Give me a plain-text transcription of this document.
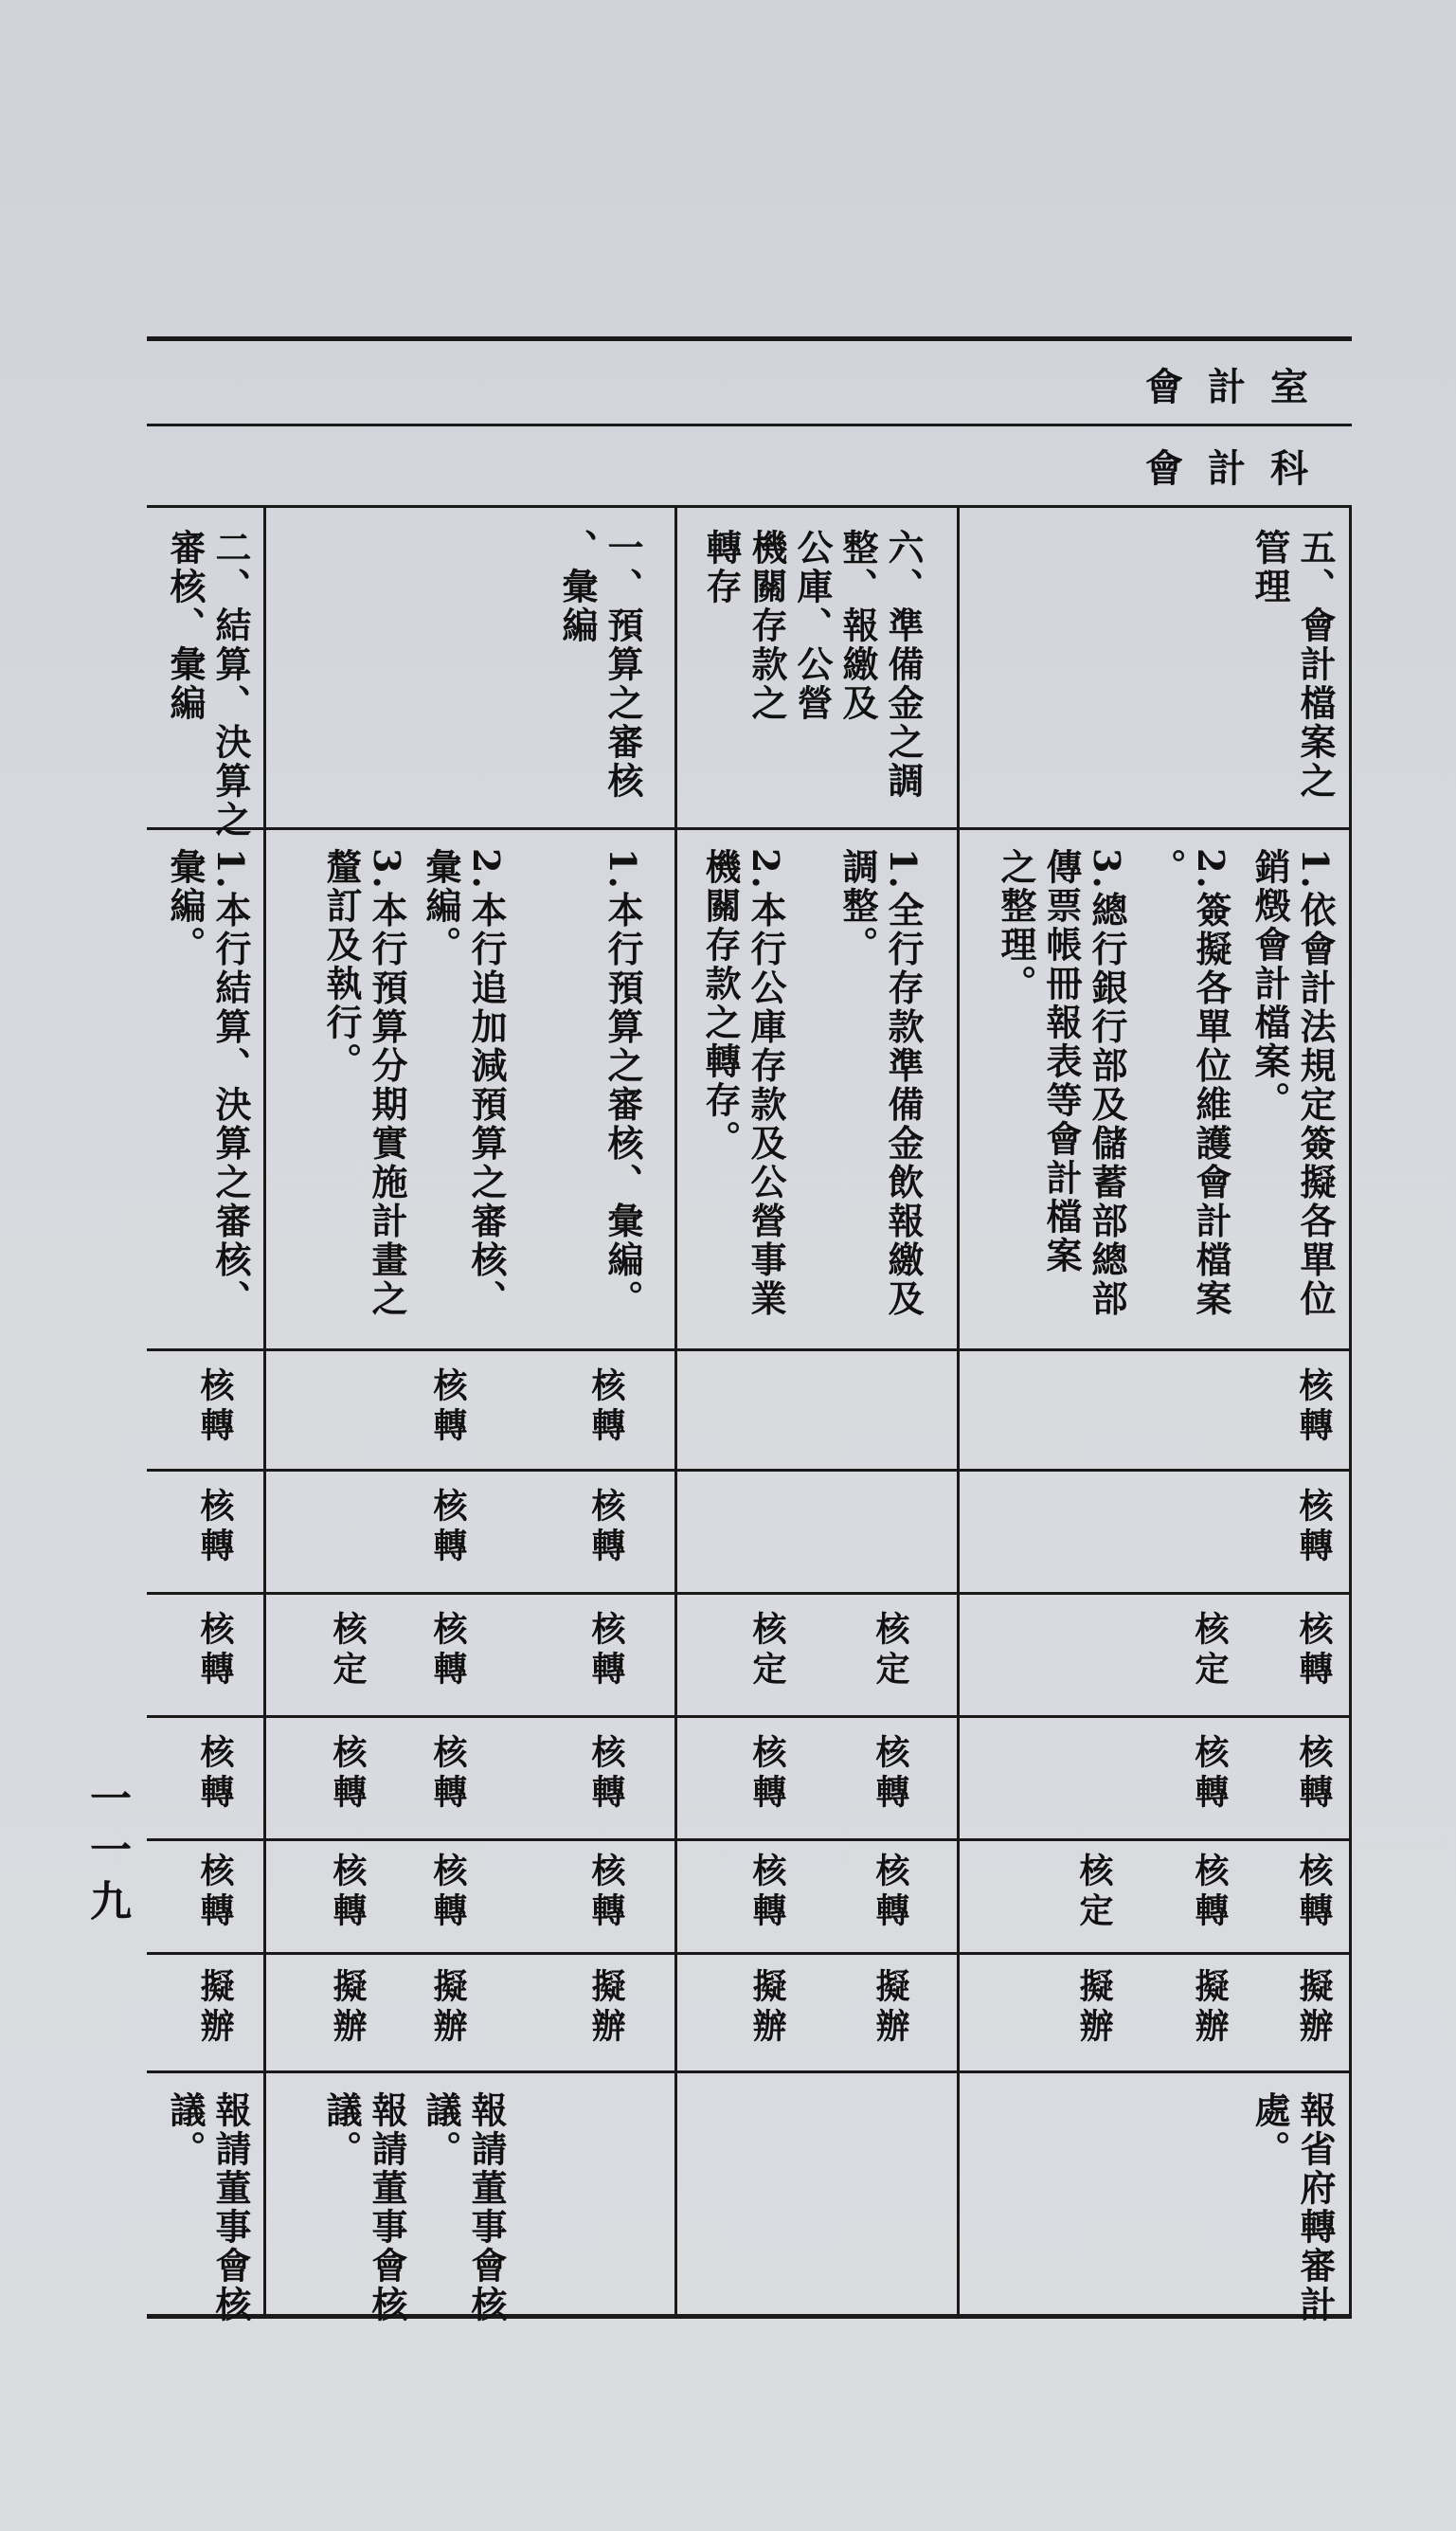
會計室
會計科
五、會計檔案之
管理
六、準備金之調
整、報繳及
公庫、公營
機關存款之
轉存
一、預算之審核
、彙編
二、結算、決算之
審核、彙編
1.依會計法規定簽擬各單位
銷燬會計檔案。
2.簽擬各單位維護會計檔案
。
3.總行銀行部及儲蓄部總部
傳票帳冊報表等會計檔案
之整理。
1.全行存款準備金飲報繳及
調整。
2.本行公庫存款及公營事業
機關存款之轉存。
1.本行預算之審核、彙編。
2.本行追加減預算之審核、
彙編。
3.本行預算分期實施計畫之
釐訂及執行。
1.本行結算、決算之審核、
彙編。
報省府轉審計
處。
報請董事會核
議。
報請董事會核
議。
報請董事會核
議。
核轉
核轉
核轉
核轉
核轉
擬辦
核定
核轉
核轉
擬辦
核定
擬辦
核定
核轉
核轉
擬辦
核定
核轉
核轉
擬辦
核轉
核轉
核轉
核轉
核轉
擬辦
核轉
核轉
核轉
核轉
核轉
擬辦
核定
核轉
核轉
擬辦
核轉
核轉
核轉
核轉
核轉
擬辦
一一九
